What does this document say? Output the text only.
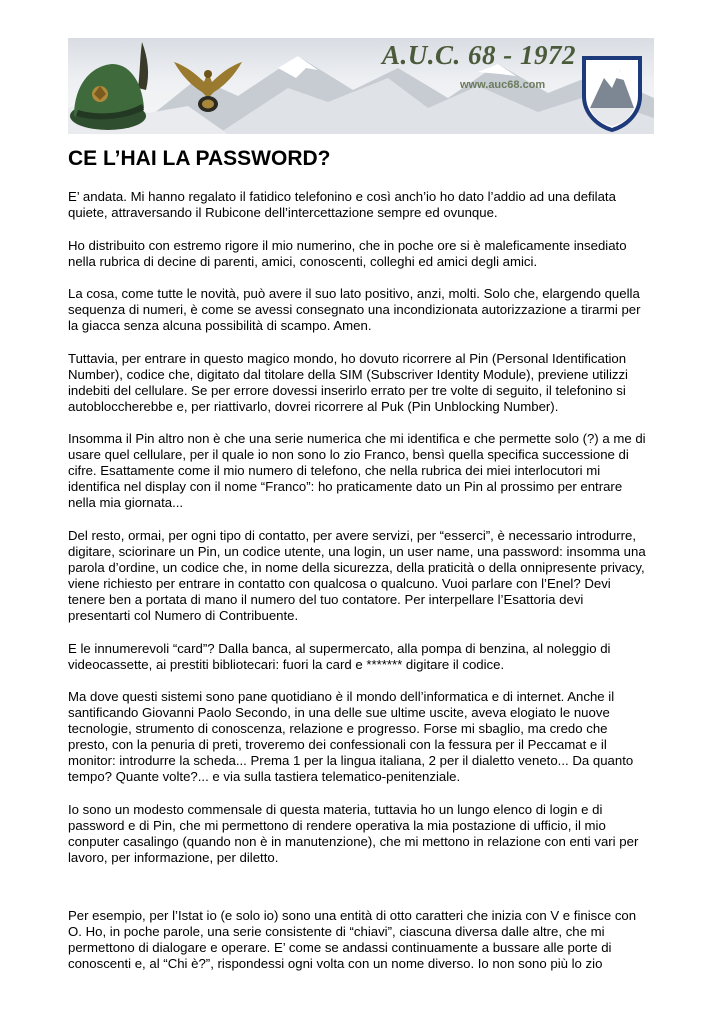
A.U.C. 68 - 1972
www.auc68.com
CE L’HAI LA PASSWORD?

E’ andata. Mi hanno regalato il fatidico telefonino e così anch’io ho dato l’addio ad una defilata
quiete, attraversando il Rubicone dell’intercettazione sempre ed ovunque.

Ho distribuito con estremo rigore il mio numerino, che in poche ore si è maleficamente insediato
nella rubrica di decine di parenti, amici, conoscenti, colleghi ed amici degli amici.

La cosa, come tutte le novità, può avere il suo lato positivo, anzi, molti. Solo che, elargendo quella
sequenza di numeri, è come se avessi consegnato una incondizionata autorizzazione a tirarmi per
la giacca senza alcuna possibilità di scampo. Amen.

Tuttavia, per entrare in questo magico mondo, ho dovuto ricorrere al Pin (Personal Identification
Number), codice che, digitato dal titolare della SIM (Subscriver Identity Module), previene utilizzi
indebiti del cellulare. Se per errore dovessi inserirlo errato per tre volte di seguito, il telefonino si
autobloccherebbe e, per riattivarlo, dovrei ricorrere al Puk (Pin Unblocking Number).

Insomma il Pin altro non è che una serie numerica che mi identifica e che permette solo (?) a me di
usare quel cellulare, per il quale io non sono lo zio Franco, bensì quella specifica successione di
cifre. Esattamente come il mio numero di telefono, che nella rubrica dei miei interlocutori mi
identifica nel display con il nome “Franco”: ho praticamente dato un Pin al prossimo per entrare
nella mia giornata...

Del resto, ormai, per ogni tipo di contatto, per avere servizi, per “esserci”, è necessario introdurre,
digitare, sciorinare un Pin, un codice utente, una login, un user name, una password: insomma una
parola d’ordine, un codice che, in nome della sicurezza, della praticità o della onnipresente privacy,
viene richiesto per entrare in contatto con qualcosa o qualcuno. Vuoi parlare con l’Enel? Devi
tenere ben a portata di mano il numero del tuo contatore. Per interpellare l’Esattoria devi
presentarti col Numero di Contribuente.

E le innumerevoli “card”? Dalla banca, al supermercato, alla pompa di benzina, al noleggio di
videocassette, ai prestiti bibliotecari: fuori la card e ******* digitare il codice.

Ma dove questi sistemi sono pane quotidiano è il mondo dell’informatica e di internet. Anche il
santificando Giovanni Paolo Secondo, in una delle sue ultime uscite, aveva elogiato le nuove
tecnologie, strumento di conoscenza, relazione e progresso. Forse mi sbaglio, ma credo che
presto, con la penuria di preti, troveremo dei confessionali con la fessura per il Peccamat e il
monitor: introdurre la scheda... Prema 1 per la lingua italiana, 2 per il dialetto veneto... Da quanto
tempo? Quante volte?... e via sulla tastiera telematico-penitenziale.

Io sono un modesto commensale di questa materia, tuttavia ho un lungo elenco di login e di
password e di Pin, che mi permettono di rendere operativa la mia postazione di ufficio, il mio
conputer casalingo (quando non è in manutenzione), che mi mettono in relazione con enti vari per
lavoro, per informazione, per diletto.

Per esempio, per l’Istat io (e solo io) sono una entità di otto caratteri che inizia con V e finisce con
O. Ho, in poche parole, una serie consistente di “chiavi”, ciascuna diversa dalle altre, che mi
permettono di dialogare e operare. E’ come se andassi continuamente a bussare alle porte di
conoscenti e, al “Chi è?”, rispondessi ogni volta con un nome diverso. Io non sono più lo zio
